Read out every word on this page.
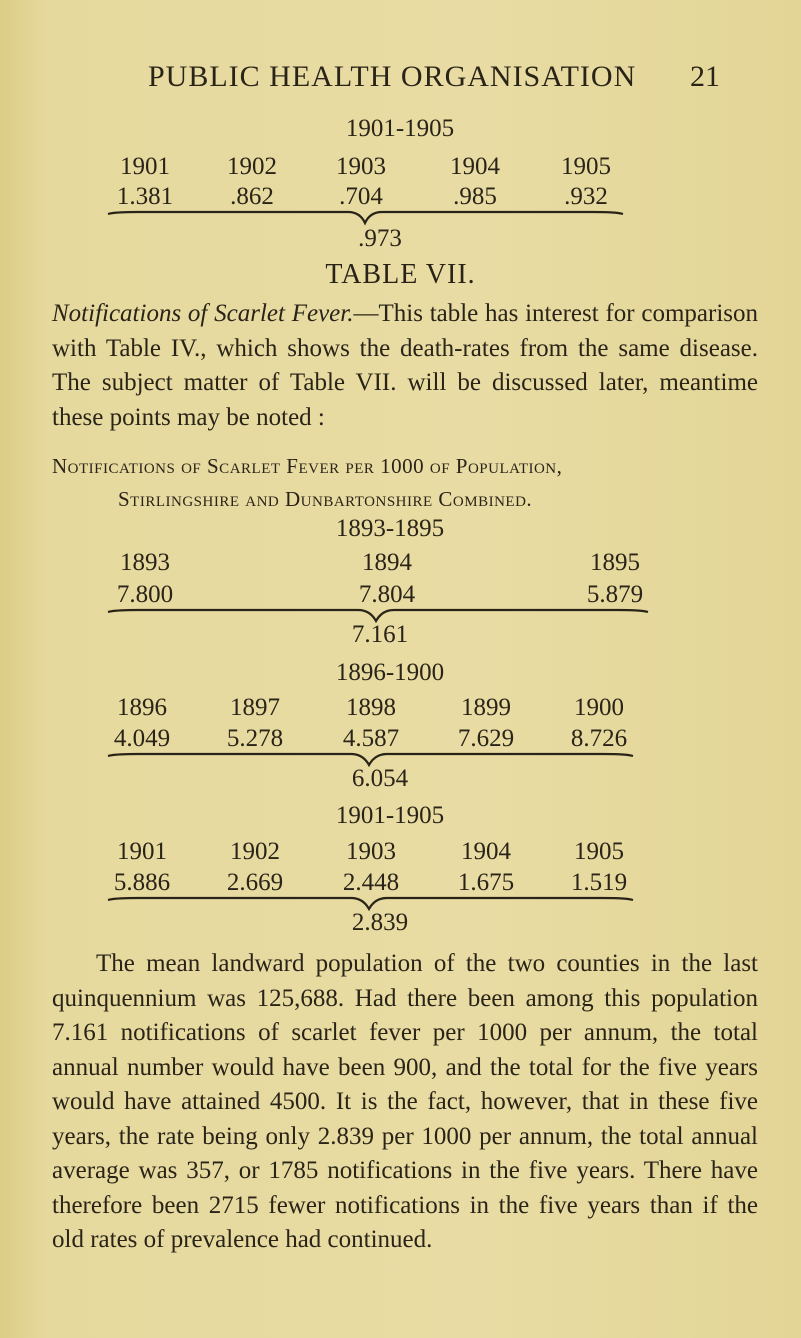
PUBLIC HEALTH ORGANISATION 21
1901-1905
1901	1902	1903	1904	1905
1.381	.862	.704	.985	.932
.973
TABLE VII.

Notifications of Scarlet Fever.—This table has interest for comparison with Table IV., which shows the death-rates from the same disease. The subject matter of Table VII. will be discussed later, meantime these points may be noted :

Notifications of Scarlet Fever per 1000 of Population,
Stirlingshire and Dunbartonshire Combined.
1893-1895
1893	1894	1895
7.800	7.804	5.879
7.161
1896-1900
1896	1897	1898	1899	1900
4.049	5.278	4.587	7.629	8.726
6.054
1901-1905
1901	1902	1903	1904	1905
5.886	2.669	2.448	1.675	1.519
2.839

The mean landward population of the two counties in the last quinquennium was 125,688. Had there been among this population 7.161 notifications of scarlet fever per 1000 per annum, the total annual number would have been 900, and the total for the five years would have attained 4500. It is the fact, however, that in these five years, the rate being only 2.839 per 1000 per annum, the total annual average was 357, or 1785 notifications in the five years. There have therefore been 2715 fewer notifications in the five years than if the old rates of prevalence had continued.
